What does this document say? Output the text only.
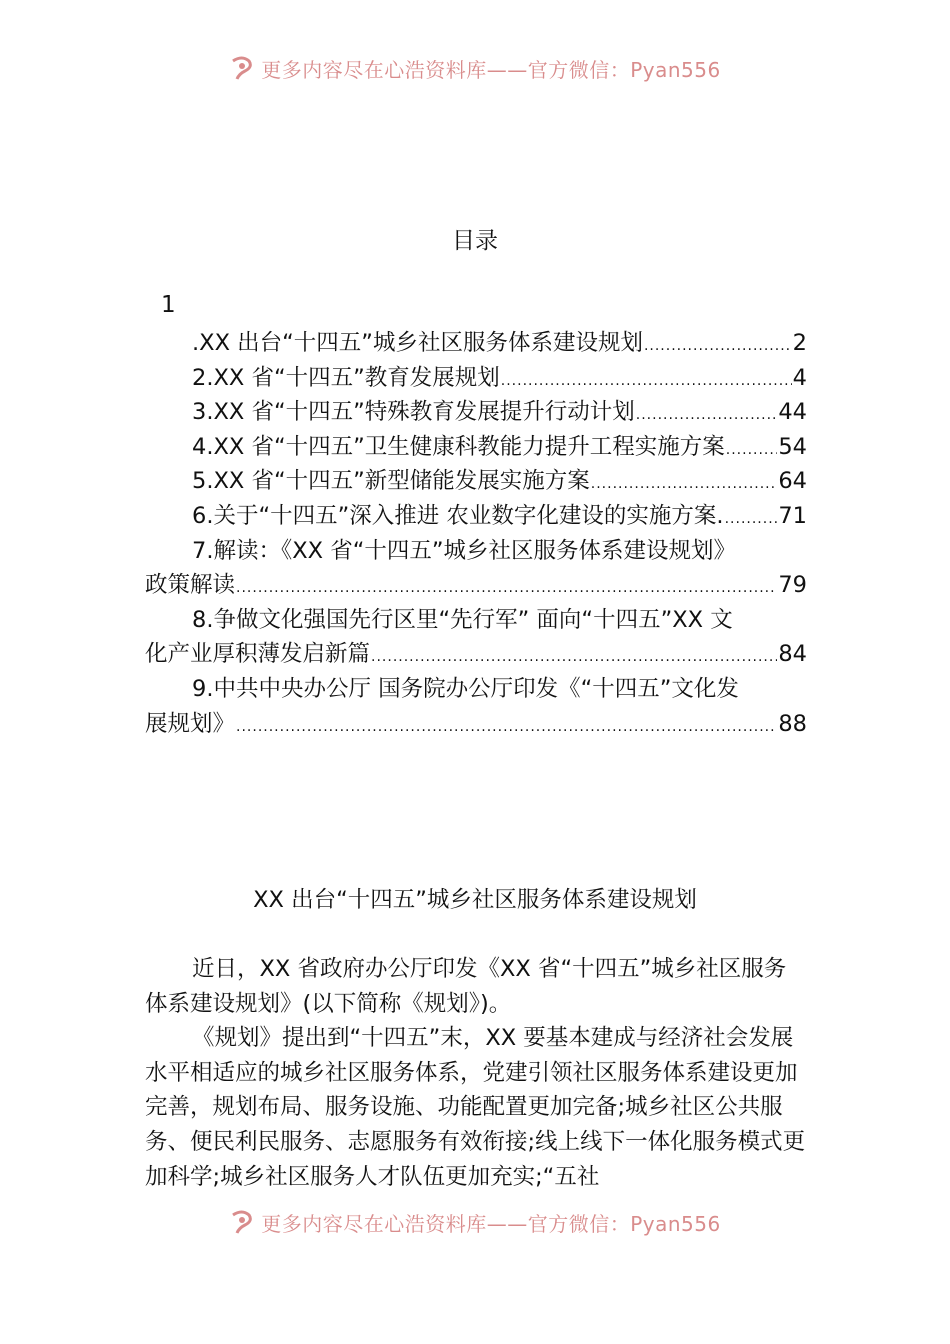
更多内容尽在心浩资料库——官方微信：Pyan556
目录
1
.XX 出台“十四五”城乡社区服务体系建设规划 .....	2
2.XX 省“十四五”教育发展规划 .....	4
3.XX 省“十四五”特殊教育发展提升行动计划 .....	44
4.XX 省“十四五”卫生健康科教能力提升工程实施方案 ..... 54
5.XX 省“十四五”新型储能发展实施方案 .....	64
6.关于“十四五”深入推进 农业数字化建设的实施方案. ..... 71
7.解读：《XX 省“十四五”城乡社区服务体系建设规划》
政策解读 .....	79
8.争做文化强国先行区里“先行军” 面向“十四五”XX 文
化产业厚积薄发启新篇 .....	84
9.中共中央办公厅 国务院办公厅印发《“十四五”文化发
展规划》 .....	88
XX 出台“十四五”城乡社区服务体系建设规划

近日，XX 省政府办公厅印发《XX 省“十四五”城乡社区服务体系建设规划》(以下简称《规划》)。

《规划》提出到“十四五”末，XX 要基本建成与经济社会发展水平相适应的城乡社区服务体系，党建引领社区服务体系建设更加完善，规划布局、服务设施、功能配置更加完备;城乡社区公共服务、便民利民服务、志愿服务有效衔接;线上线下一体化服务模式更加科学;城乡社区服务人才队伍更加充实;“五社

更多内容尽在心浩资料库——官方微信：Pyan556
